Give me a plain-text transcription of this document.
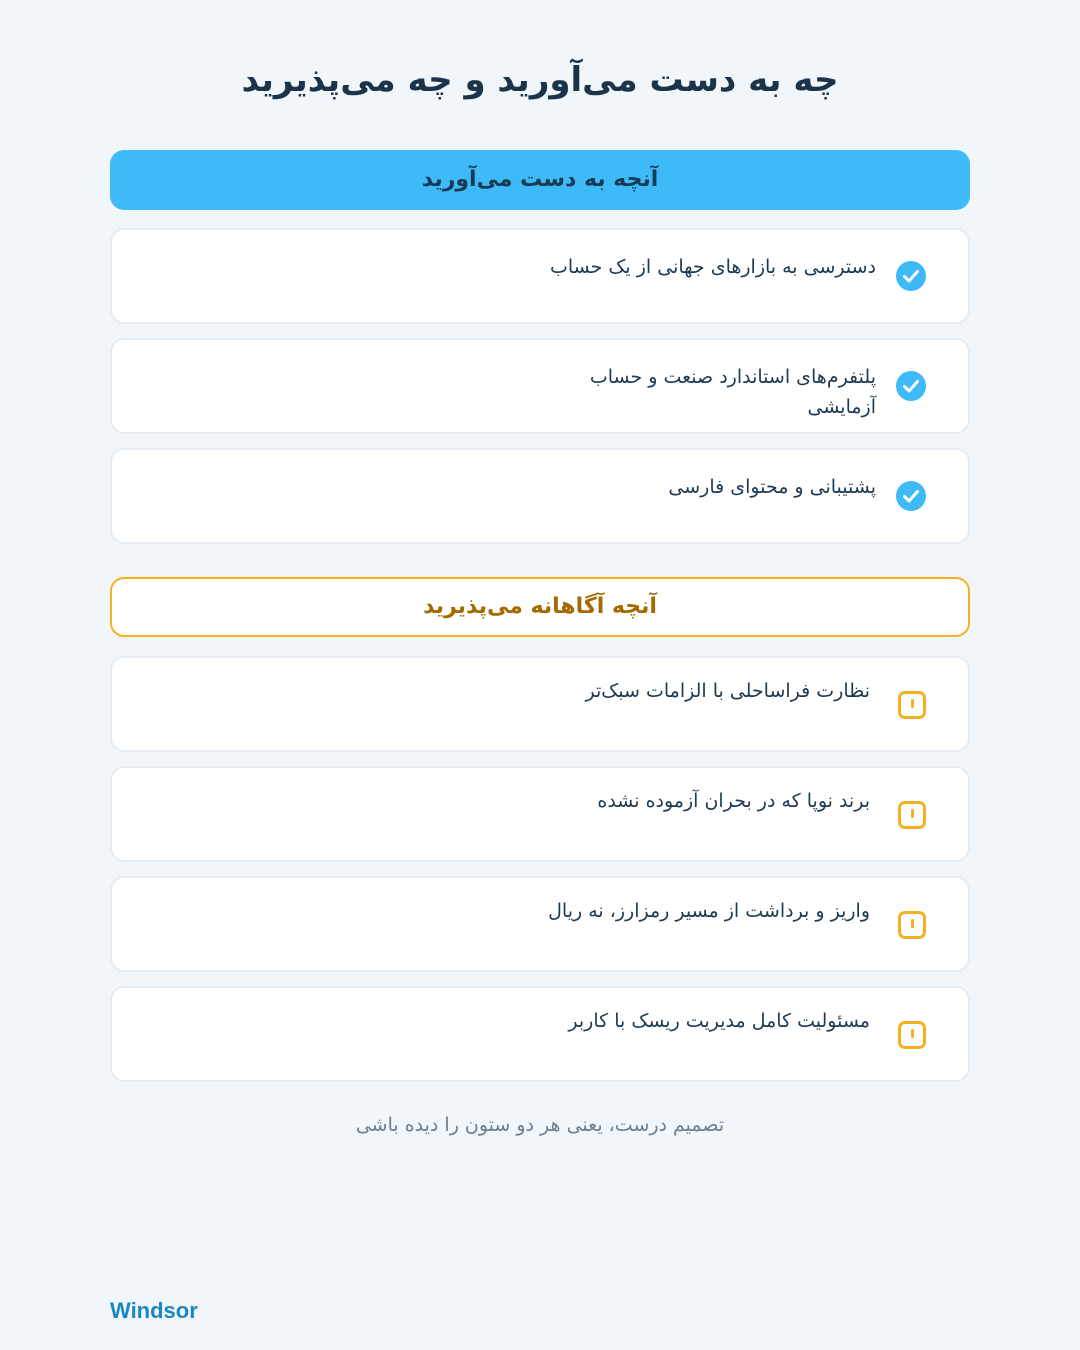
چه به دست می‌آورید و چه می‌پذیرید
آنچه به دست می‌آورید
دسترسی به بازارهای جهانی از یک حساب
پلتفرم‌های استاندارد صنعت و حساب آزمایشی
پشتیبانی و محتوای فارسی
آنچه آگاهانه می‌پذیرید
نظارت فراساحلی با الزامات سبک‌تر
برند نوپا که در بحران آزموده نشده
واریز و برداشت از مسیر رمزارز، نه ریال
مسئولیت کامل مدیریت ریسک با کاربر
تصمیم درست، یعنی هر دو ستون را دیده باشی
Windsor
